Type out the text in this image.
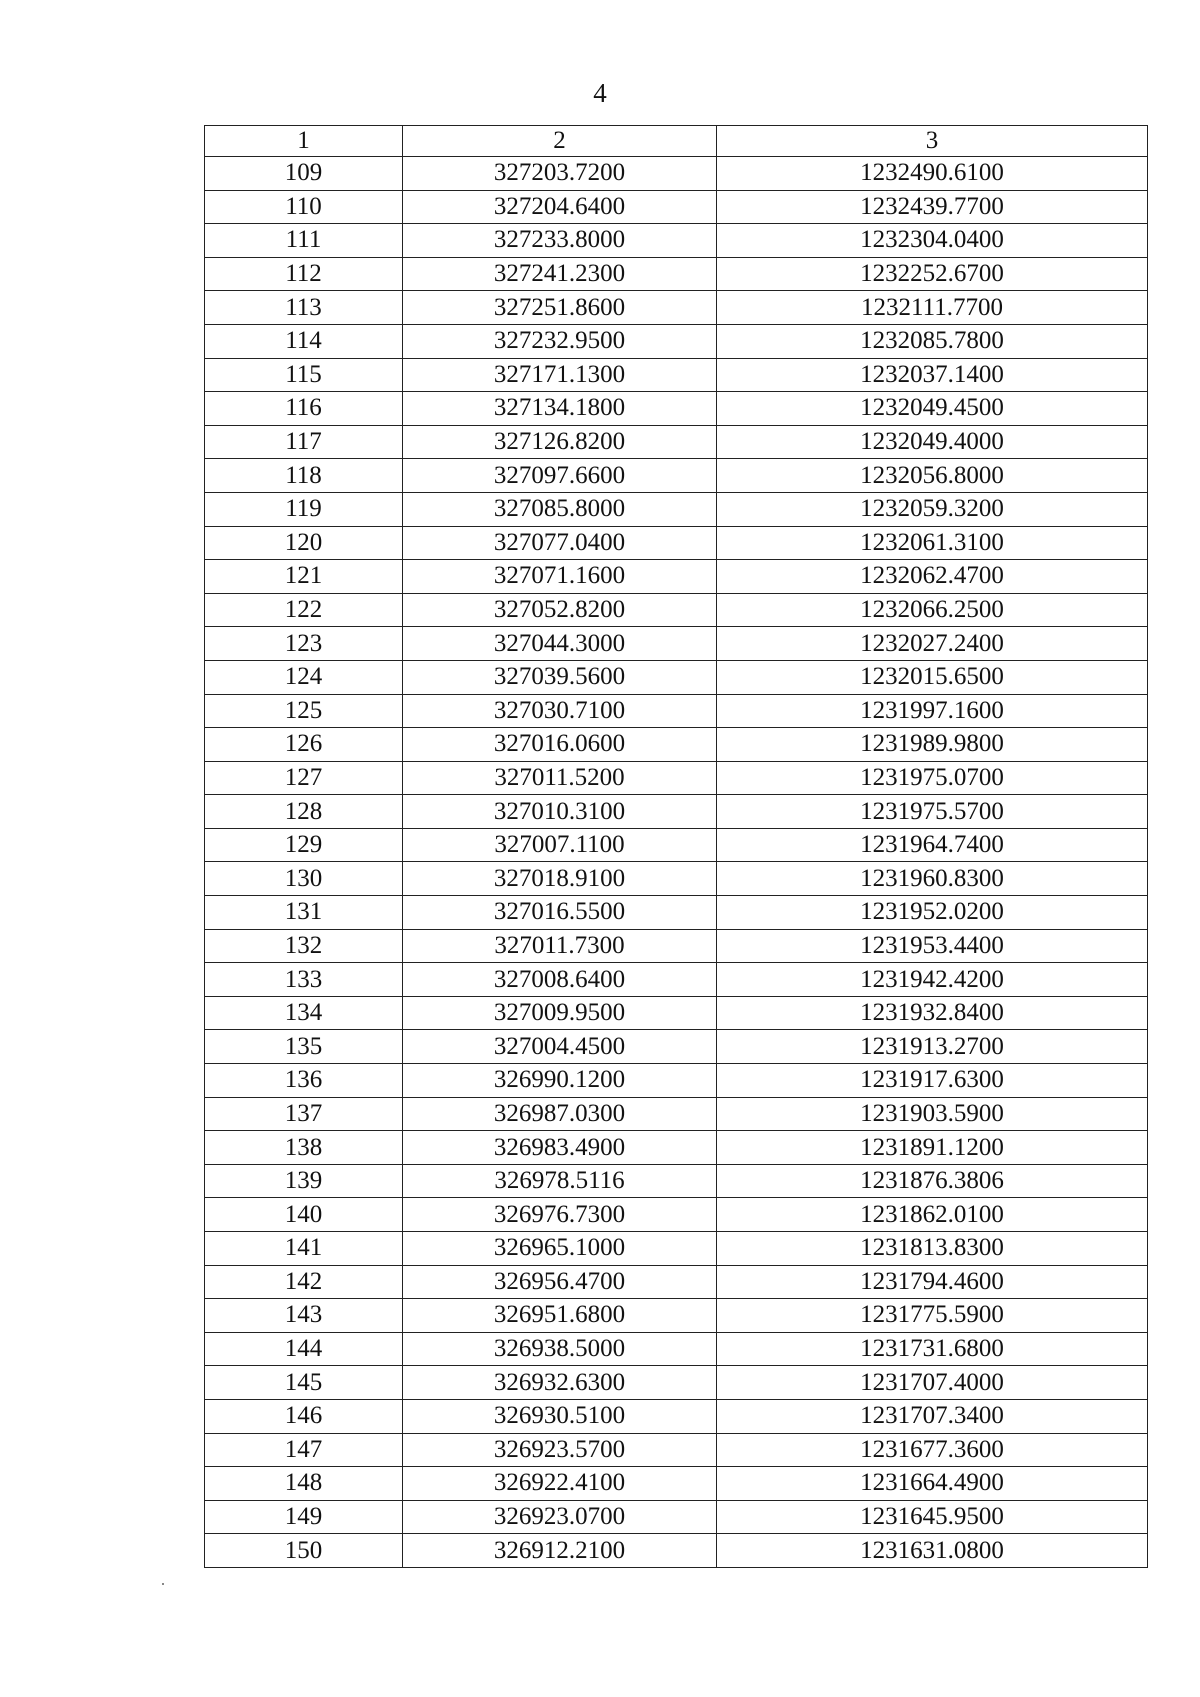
4
1	2	3
109	327203.7200	1232490.6100
110	327204.6400	1232439.7700
111	327233.8000	1232304.0400
112	327241.2300	1232252.6700
113	327251.8600	1232111.7700
114	327232.9500	1232085.7800
115	327171.1300	1232037.1400
116	327134.1800	1232049.4500
117	327126.8200	1232049.4000
118	327097.6600	1232056.8000
119	327085.8000	1232059.3200
120	327077.0400	1232061.3100
121	327071.1600	1232062.4700
122	327052.8200	1232066.2500
123	327044.3000	1232027.2400
124	327039.5600	1232015.6500
125	327030.7100	1231997.1600
126	327016.0600	1231989.9800
127	327011.5200	1231975.0700
128	327010.3100	1231975.5700
129	327007.1100	1231964.7400
130	327018.9100	1231960.8300
131	327016.5500	1231952.0200
132	327011.7300	1231953.4400
133	327008.6400	1231942.4200
134	327009.9500	1231932.8400
135	327004.4500	1231913.2700
136	326990.1200	1231917.6300
137	326987.0300	1231903.5900
138	326983.4900	1231891.1200
139	326978.5116	1231876.3806
140	326976.7300	1231862.0100
141	326965.1000	1231813.8300
142	326956.4700	1231794.4600
143	326951.6800	1231775.5900
144	326938.5000	1231731.6800
145	326932.6300	1231707.4000
146	326930.5100	1231707.3400
147	326923.5700	1231677.3600
148	326922.4100	1231664.4900
149	326923.0700	1231645.9500
150	326912.2100	1231631.0800
